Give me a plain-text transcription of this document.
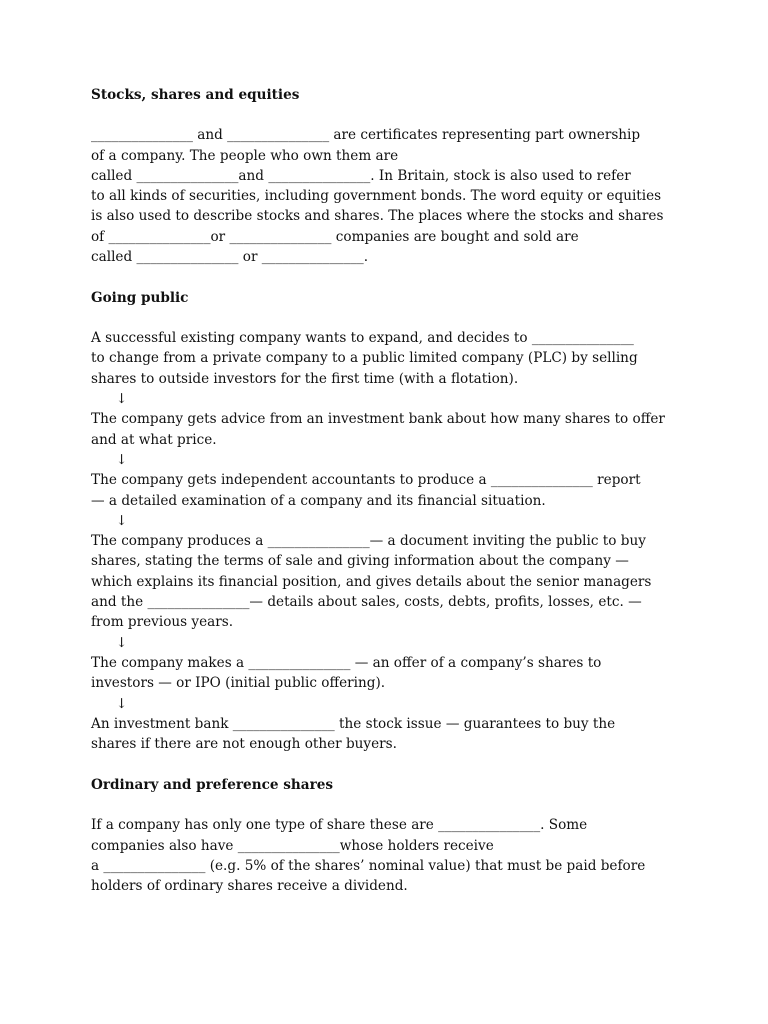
Stocks, shares and equities
_______________ and _______________ are certificates representing part ownership
of a company. The people who own them are
called _______________and _______________. In Britain, stock is also used to refer
to all kinds of securities, including government bonds. The word equity or equities
is also used to describe stocks and shares. The places where the stocks and shares
of _______________or _______________ companies are bought and sold are
called _______________ or _______________.
Going public
A successful existing company wants to expand, and decides to _______________
to change from a private company to a public limited company (PLC) by selling
shares to outside investors for the first time (with a flotation).
↓
The company gets advice from an investment bank about how many shares to offer
and at what price.
↓
The company gets independent accountants to produce a _______________ report
— a detailed examination of a company and its financial situation.
↓
The company produces a _______________— a document inviting the public to buy
shares, stating the terms of sale and giving information about the company —
which explains its financial position, and gives details about the senior managers
and the _______________— details about sales, costs, debts, profits, losses, etc. —
from previous years.
↓
The company makes a _______________ — an offer of a company’s shares to
investors — or IPO (initial public offering).
↓
An investment bank _______________ the stock issue — guarantees to buy the
shares if there are not enough other buyers.
Ordinary and preference shares
If a company has only one type of share these are _______________. Some
companies also have _______________whose holders receive
a _______________ (e.g. 5% of the shares’ nominal value) that must be paid before
holders of ordinary shares receive a dividend.
